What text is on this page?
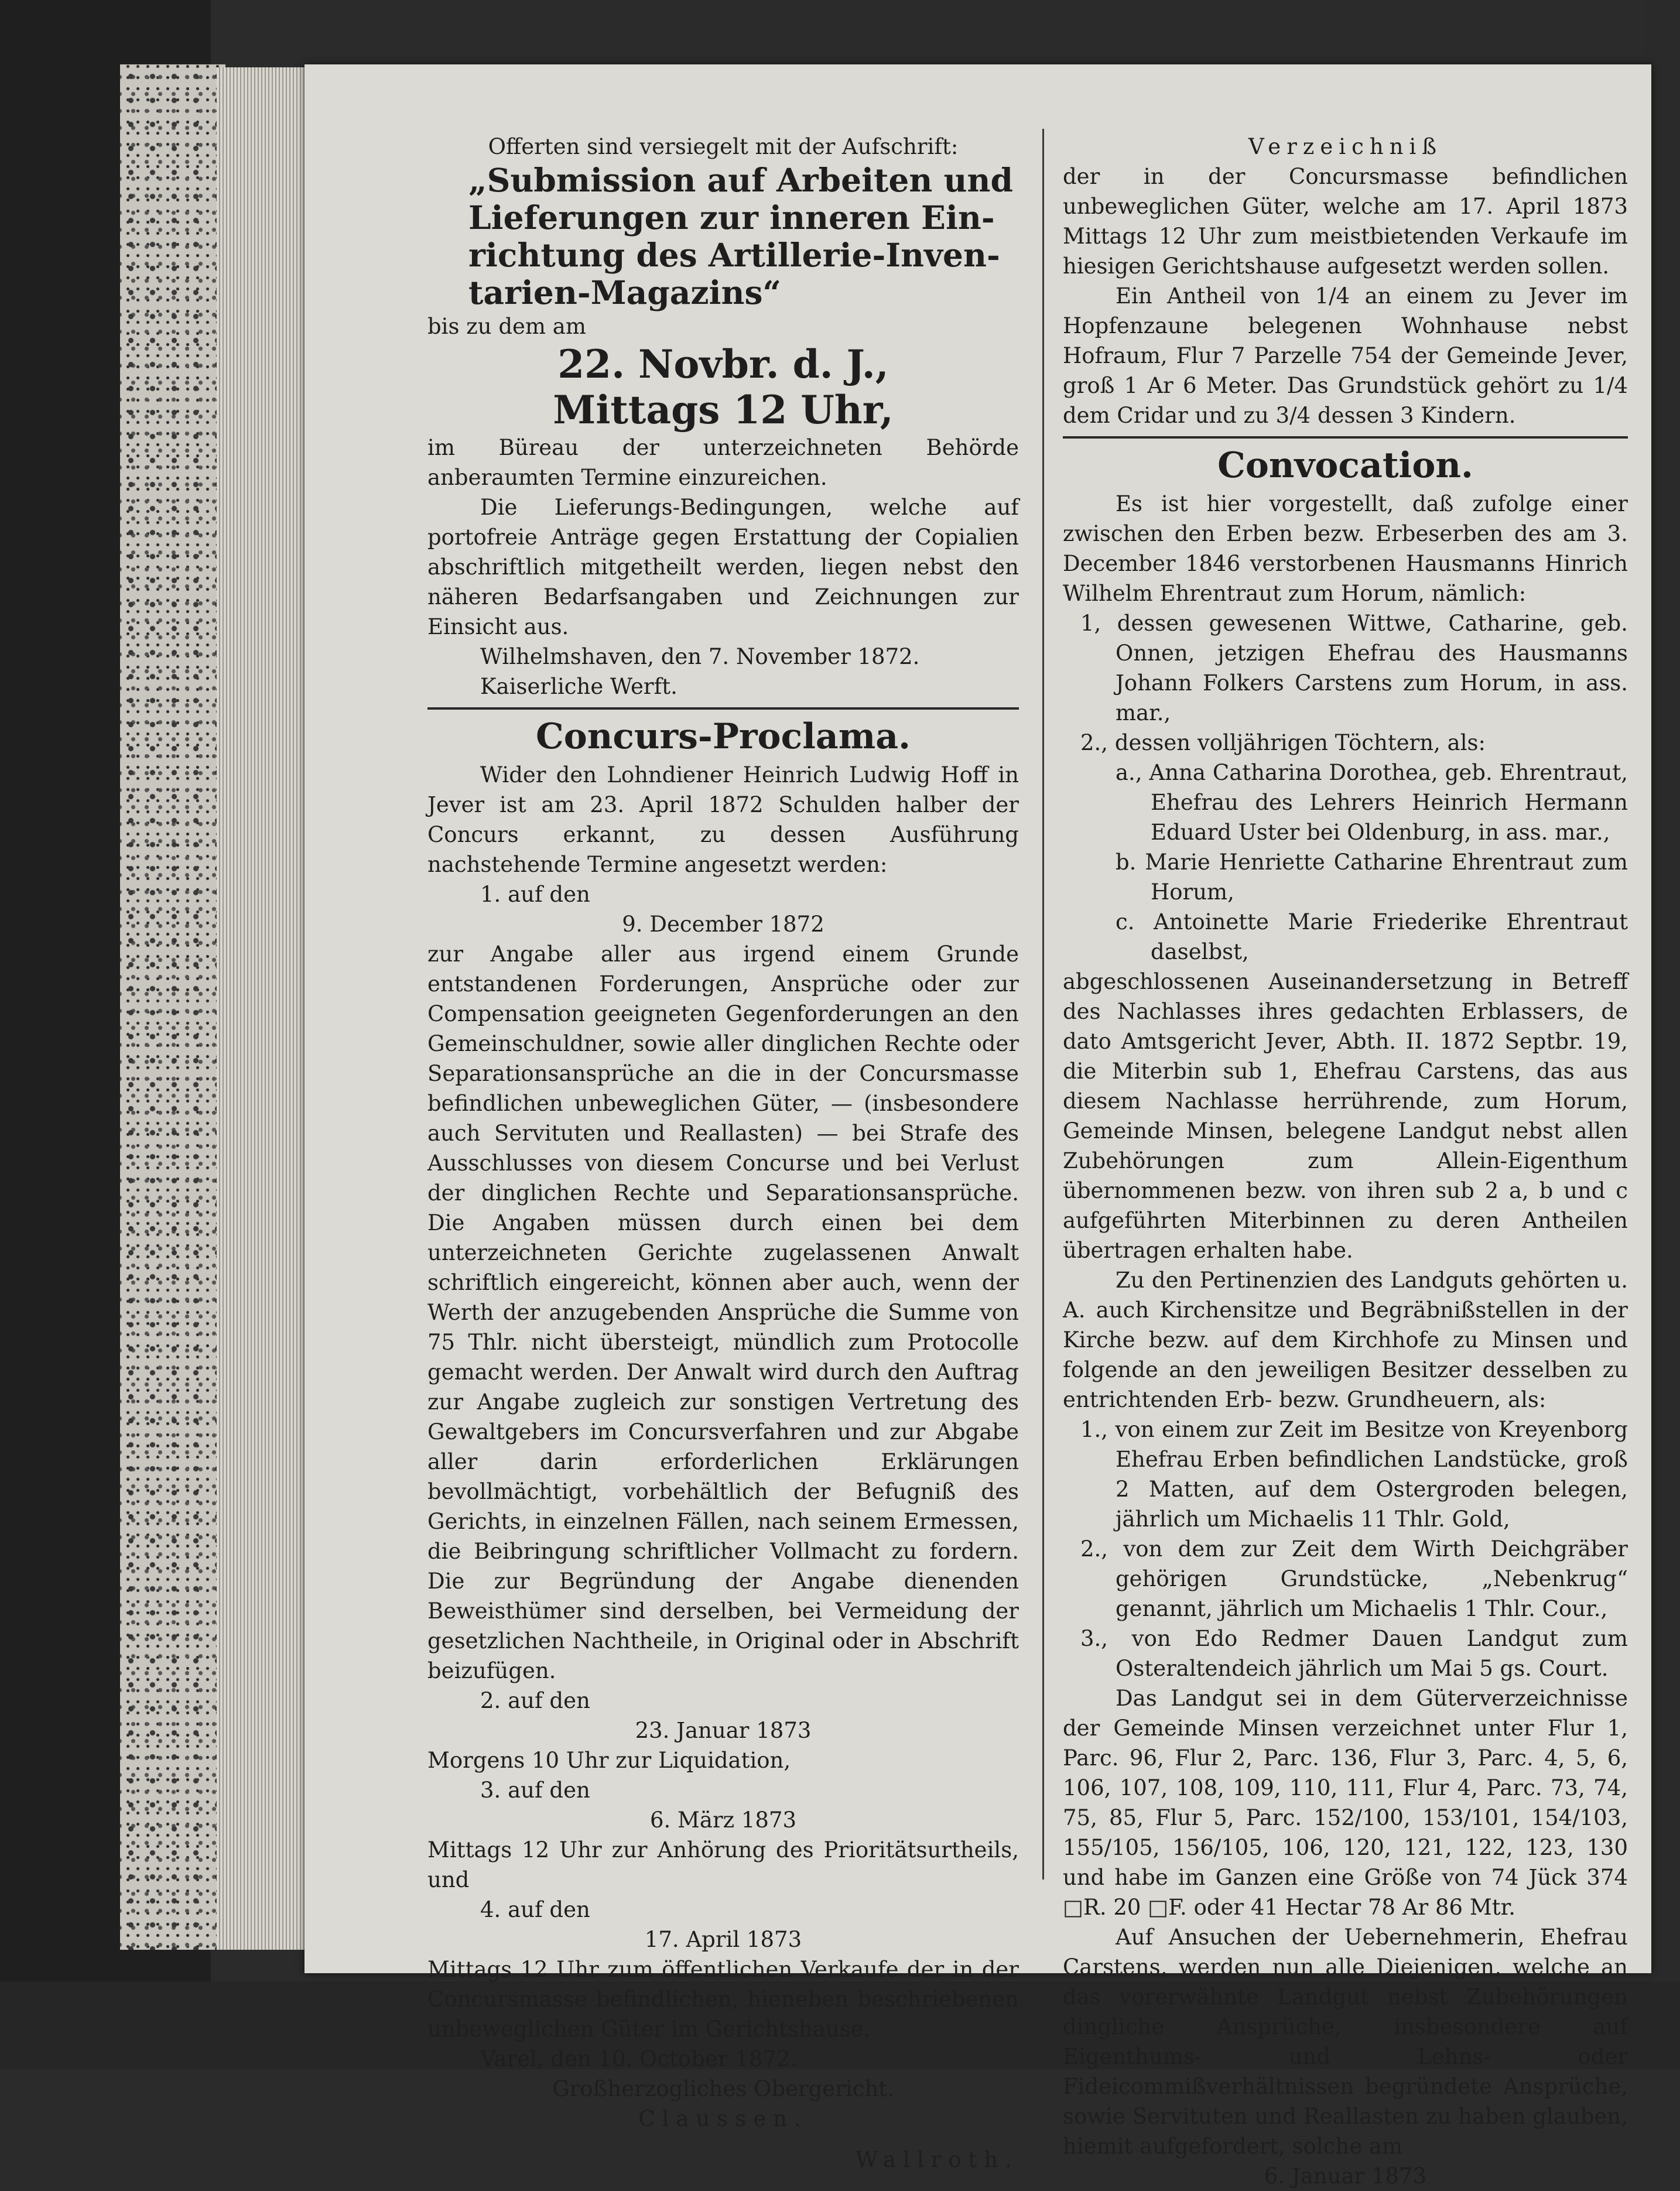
Offerten sind versiegelt mit der Aufschrift:

„Submission auf Arbeiten und

Lieferungen zur inneren Ein-

richtung des Artillerie-Inven-

tarien-Magazins“

bis zu dem am

22. Novbr. d. J.,

Mittags 12 Uhr,

im Büreau der unterzeichneten Behörde anberaumten Termine einzureichen.

Die Lieferungs-Bedingungen, welche auf portofreie Anträge gegen Erstattung der Copialien abschriftlich mitgetheilt werden, liegen nebst den näheren Bedarfsangaben und Zeichnungen zur Einsicht aus.

Wilhelmshaven, den 7. November 1872.

Kaiserliche Werft.

Concurs-Proclama.

Wider den Lohndiener Heinrich Ludwig Hoff in Jever ist am 23. April 1872 Schulden halber der Concurs erkannt, zu dessen Ausführung nachstehende Termine angesetzt werden:

1. auf den

9. December 1872

zur Angabe aller aus irgend einem Grunde entstandenen Forderungen, Ansprüche oder zur Compensation geeigneten Gegenforderungen an den Gemeinschuldner, sowie aller dinglichen Rechte oder Separationsansprüche an die in der Concursmasse befindlichen unbeweglichen Güter, — (insbesondere auch Servituten und Reallasten) — bei Strafe des Ausschlusses von diesem Concurse und bei Verlust der dinglichen Rechte und Separationsansprüche. Die Angaben müssen durch einen bei dem unterzeichneten Gerichte zugelassenen Anwalt schriftlich eingereicht, können aber auch, wenn der Werth der anzugebenden Ansprüche die Summe von 75 Thlr. nicht übersteigt, mündlich zum Protocolle gemacht werden. Der Anwalt wird durch den Auftrag zur Angabe zugleich zur sonstigen Vertretung des Gewaltgebers im Concursverfahren und zur Abgabe aller darin erforderlichen Erklärungen bevollmächtigt, vorbehältlich der Befugniß des Gerichts, in einzelnen Fällen, nach seinem Ermessen, die Beibringung schriftlicher Vollmacht zu fordern. Die zur Begründung der Angabe dienenden Beweisthümer sind derselben, bei Vermeidung der gesetzlichen Nachtheile, in Original oder in Abschrift beizufügen.

2. auf den

23. Januar 1873

Morgens 10 Uhr zur Liquidation,

3. auf den

6. März 1873

Mittags 12 Uhr zur Anhörung des Prioritätsurtheils, und

4. auf den

17. April 1873

Mittags 12 Uhr zum öffentlichen Verkaufe der in der Concursmasse befindlichen, hieneben beschriebenen unbeweglichen Güter im Gerichtshause.

Varel, den 10. October 1872.

Großherzogliches Obergericht.

Claussen.

Wallroth.

Verzeichniß

der in der Concursmasse befindlichen unbeweglichen Güter, welche am 17. April 1873 Mittags 12 Uhr zum meistbietenden Verkaufe im hiesigen Gerichtshause aufgesetzt werden sollen.

Ein Antheil von 1/4 an einem zu Jever im Hopfenzaune belegenen Wohnhause nebst Hofraum, Flur 7 Parzelle 754 der Gemeinde Jever, groß 1 Ar 6 Meter. Das Grundstück gehört zu 1/4 dem Cridar und zu 3/4 dessen 3 Kindern.

Convocation.

Es ist hier vorgestellt, daß zufolge einer zwischen den Erben bezw. Erbeserben des am 3. December 1846 verstorbenen Hausmanns Hinrich Wilhelm Ehrentraut zum Horum, nämlich:

1, dessen gewesenen Wittwe, Catharine, geb. Onnen, jetzigen Ehefrau des Hausmanns Johann Folkers Carstens zum Horum, in ass. mar.,

2., dessen volljährigen Töchtern, als:

a., Anna Catharina Dorothea, geb. Ehrentraut, Ehefrau des Lehrers Heinrich Hermann Eduard Uster bei Oldenburg, in ass. mar.,

b. Marie Henriette Catharine Ehrentraut zum Horum,

c. Antoinette Marie Friederike Ehrentraut daselbst,

abgeschlossenen Auseinandersetzung in Betreff des Nachlasses ihres gedachten Erblassers, de dato Amtsgericht Jever, Abth. II. 1872 Septbr. 19, die Miterbin sub 1, Ehefrau Carstens, das aus diesem Nachlasse herrührende, zum Horum, Gemeinde Minsen, belegene Landgut nebst allen Zubehörungen zum Allein-Eigenthum übernommenen bezw. von ihren sub 2 a, b und c aufgeführten Miterbinnen zu deren Antheilen übertragen erhalten habe.

Zu den Pertinenzien des Landguts gehörten u. A. auch Kirchensitze und Begräbnißstellen in der Kirche bezw. auf dem Kirchhofe zu Minsen und folgende an den jeweiligen Besitzer desselben zu entrichtenden Erb- bezw. Grundheuern, als:

1., von einem zur Zeit im Besitze von Kreyenborg Ehefrau Erben befindlichen Landstücke, groß 2 Matten, auf dem Ostergroden belegen, jährlich um Michaelis 11 Thlr. Gold,

2., von dem zur Zeit dem Wirth Deichgräber gehörigen Grundstücke, „Nebenkrug“ genannt, jährlich um Michaelis 1 Thlr. Cour.,

3., von Edo Redmer Dauen Landgut zum Osteraltendeich jährlich um Mai 5 gs. Court.

Das Landgut sei in dem Güterverzeichnisse der Gemeinde Minsen verzeichnet unter Flur 1, Parc. 96, Flur 2, Parc. 136, Flur 3, Parc. 4, 5, 6, 106, 107, 108, 109, 110, 111, Flur 4, Parc. 73, 74, 75, 85, Flur 5, Parc. 152/100, 153/101, 154/103, 155/105, 156/105, 106, 120, 121, 122, 123, 130 und habe im Ganzen eine Größe von 74 Jück 374 □R. 20 □F. oder 41 Hectar 78 Ar 86 Mtr.

Auf Ansuchen der Uebernehmerin, Ehefrau Carstens, werden nun alle Diejenigen, welche an das vorerwähnte Landgut nebst Zubehörungen dingliche Ansprüche, insbesondere auf Eigenthums- und Lehns- oder Fideicommißverhältnissen begründete Ansprüche, sowie Servituten und Reallasten zu haben glauben, hiemit aufgefordert, solche am

6. Januar 1873
